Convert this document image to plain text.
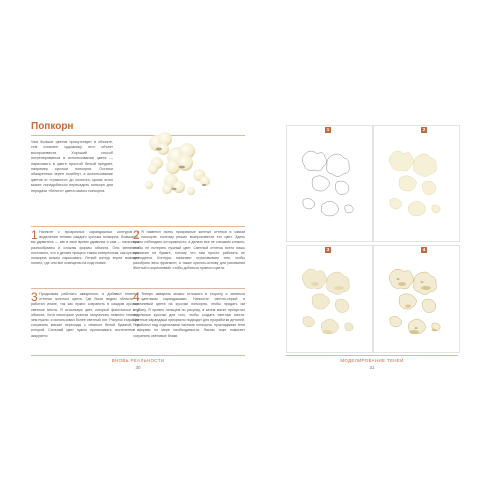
Попкорн

Чем больше цветов присутствует в объекте, тем сложнее художнику этот объект воспроизвести. Хороший способ потренироваться в использовании цвета — нарисовать в цвете простой белый предмет, например кусочки попкорна. Остатки обжаренных зерен погибнут, а использование цветов от «грязного» до золотого, кроме этого может понадобиться пересадить попкорн для передачи «белого» цвета самого попкорна.

1 Начните с прозрачных карандашных контуров и выделения тенями каждого кусочка попкорна. Возможно, вы удивитесь — как в свое время удивился я сам — насколько разнообразны и сложны формы объекта. Они меняются постоянно, что и делает процесс таким интересным, как кусочек попкорна можно нарисовать. Легкий контур зерна поможет понять, где они все освещены на подготовке.
2 Я наметил очень прозрачные желтые оттенки в самом попкорне, поэтому решил воспроизвести его цвет. Здесь нужно соблюдать осторожность, а делать все не слишком сложно, чтобы не потерять нужный цвет. Светлый оттенок всего лишь прописан на бумаге, потому что там просто работать не приходится. Контуры начинают отрисовывать тем, чтобы разобрать весь фрагмент, а также кусочек-основу для рисования Желтый и коричневый, чтобы добиться нужного цвета.
3 Продолжая работать акварелью, я добавил плотные оттенки золотого цвета. Где были видны области, я работал иначе, так как нужно сохранить в каждом кусочке светлые места. Я использую цвет, который фактически и у объекта. Хотя некоторые участки получились немного темнее, чем нужно, я использовал более светлый тон. Рисунок старался сохранить мягкие переходы с немного белой бумагой, на которой. Сильный цвет нужно прописывать постепенно и аккуратно.
4 Теперь акварель можно отложить в сторону и заняться цветными карандашами. Наносите светло-серый и коричневый цвета на кусочки попкорна, чтобы придать им глубину. Я провел пальцем по рисунку, а затем мягко пропустил отдельные кусочки для того, чтобы создать светлые места. Цветные карандаши прекрасно подходят для проработки деталей. Я работал над отдельными частями попкорна, прокладывая тени и формы по мере необходимости. Ластик тоже помогает сохранить световые блики.
ВНОВЬ РЕАЛЬНОСТИ
30
1	2
3	4
МОДЕЛИРОВАНИЕ ТЕНЕЙ
31
